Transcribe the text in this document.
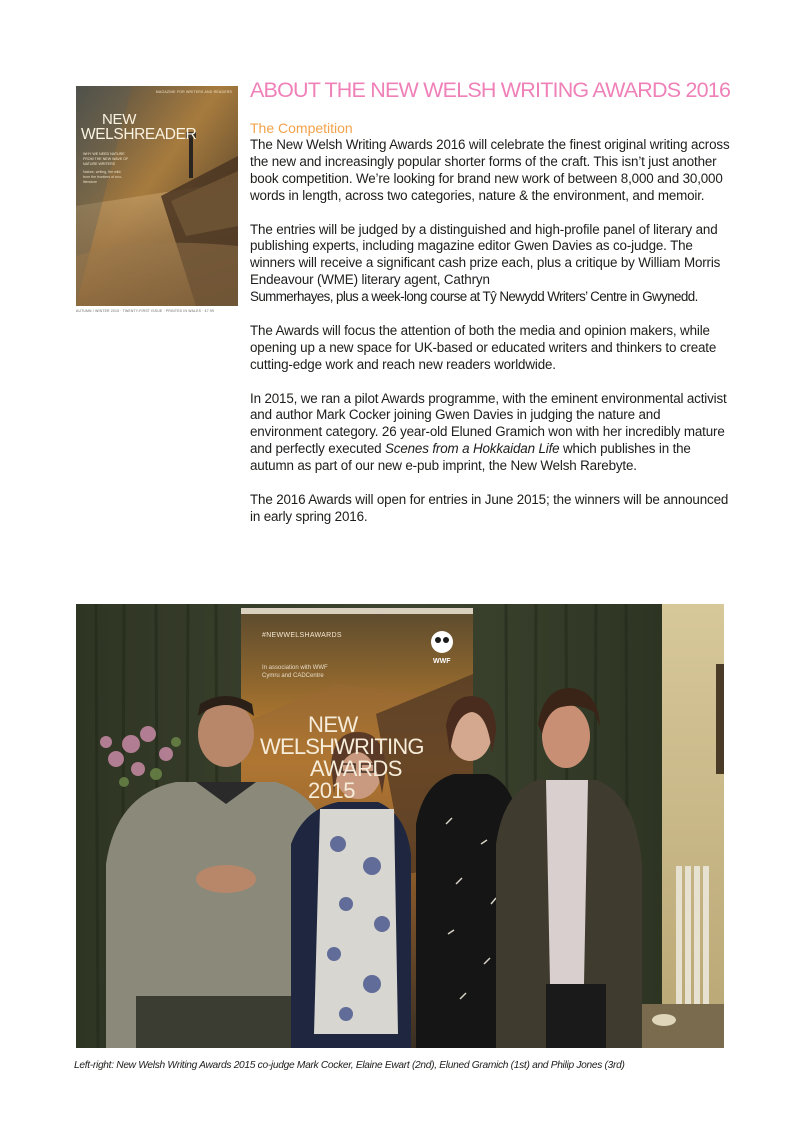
MAGAZINE FOR WRITERS AND READERS
NEW
WELSHREADER
WHY WE NEED NATURE FROM THE NEW WAVE OF NATURE WRITERS
Nature, writing, the wild: from the frontiers of eco-literature
AUTUMN / WINTER 2015 · TWENTY-FIRST ISSUE · PRINTED IN WALES · £7.99
ABOUT THE NEW WELSH WRITING AWARDS 2016
The Competition

The New Welsh Writing Awards 2016 will celebrate the finest original writing across the new and increasingly popular shorter forms of the craft. This isn’t just another book competition. We’re looking for brand new work of between 8,000 and 30,000 words in length, across two categories, nature & the environment, and memoir.

The entries will be judged by a distinguished and high-profile panel of literary and publishing experts, including magazine editor Gwen Davies as co-judge. The winners will receive a significant cash prize each, plus a critique by William Morris Endeavour (WME) literary agent, Cathryn
Summerhayes, plus a week-long course at Tŷ Newydd Writers’ Centre in Gwynedd.

The Awards will focus the attention of both the media and opinion makers, while opening up a new space for UK-based or educated writers and thinkers to create cutting-edge work and reach new readers worldwide.

In 2015, we ran a pilot Awards programme, with the eminent environmental activist and author Mark Cocker joining Gwen Davies in judging the nature and environment category. 26 year-old Eluned Gramich won with her incredibly mature and perfectly executed Scenes from a Hokkaidan Life which publishes in the autumn as part of our new e-pub imprint, the New Welsh Rarebyte.

The 2016 Awards will open for entries in June 2015; the winners will be announced in early spring 2016.

#NEWWELSHAWARDS
In association with WWF Cymru and CADCentre
WWF
NEW
WELSH WRITING
AWARDS
2015
Left-right: New Welsh Writing Awards 2015 co-judge Mark Cocker, Elaine Ewart (2nd), Eluned Gramich (1st) and Philip Jones (3rd)
